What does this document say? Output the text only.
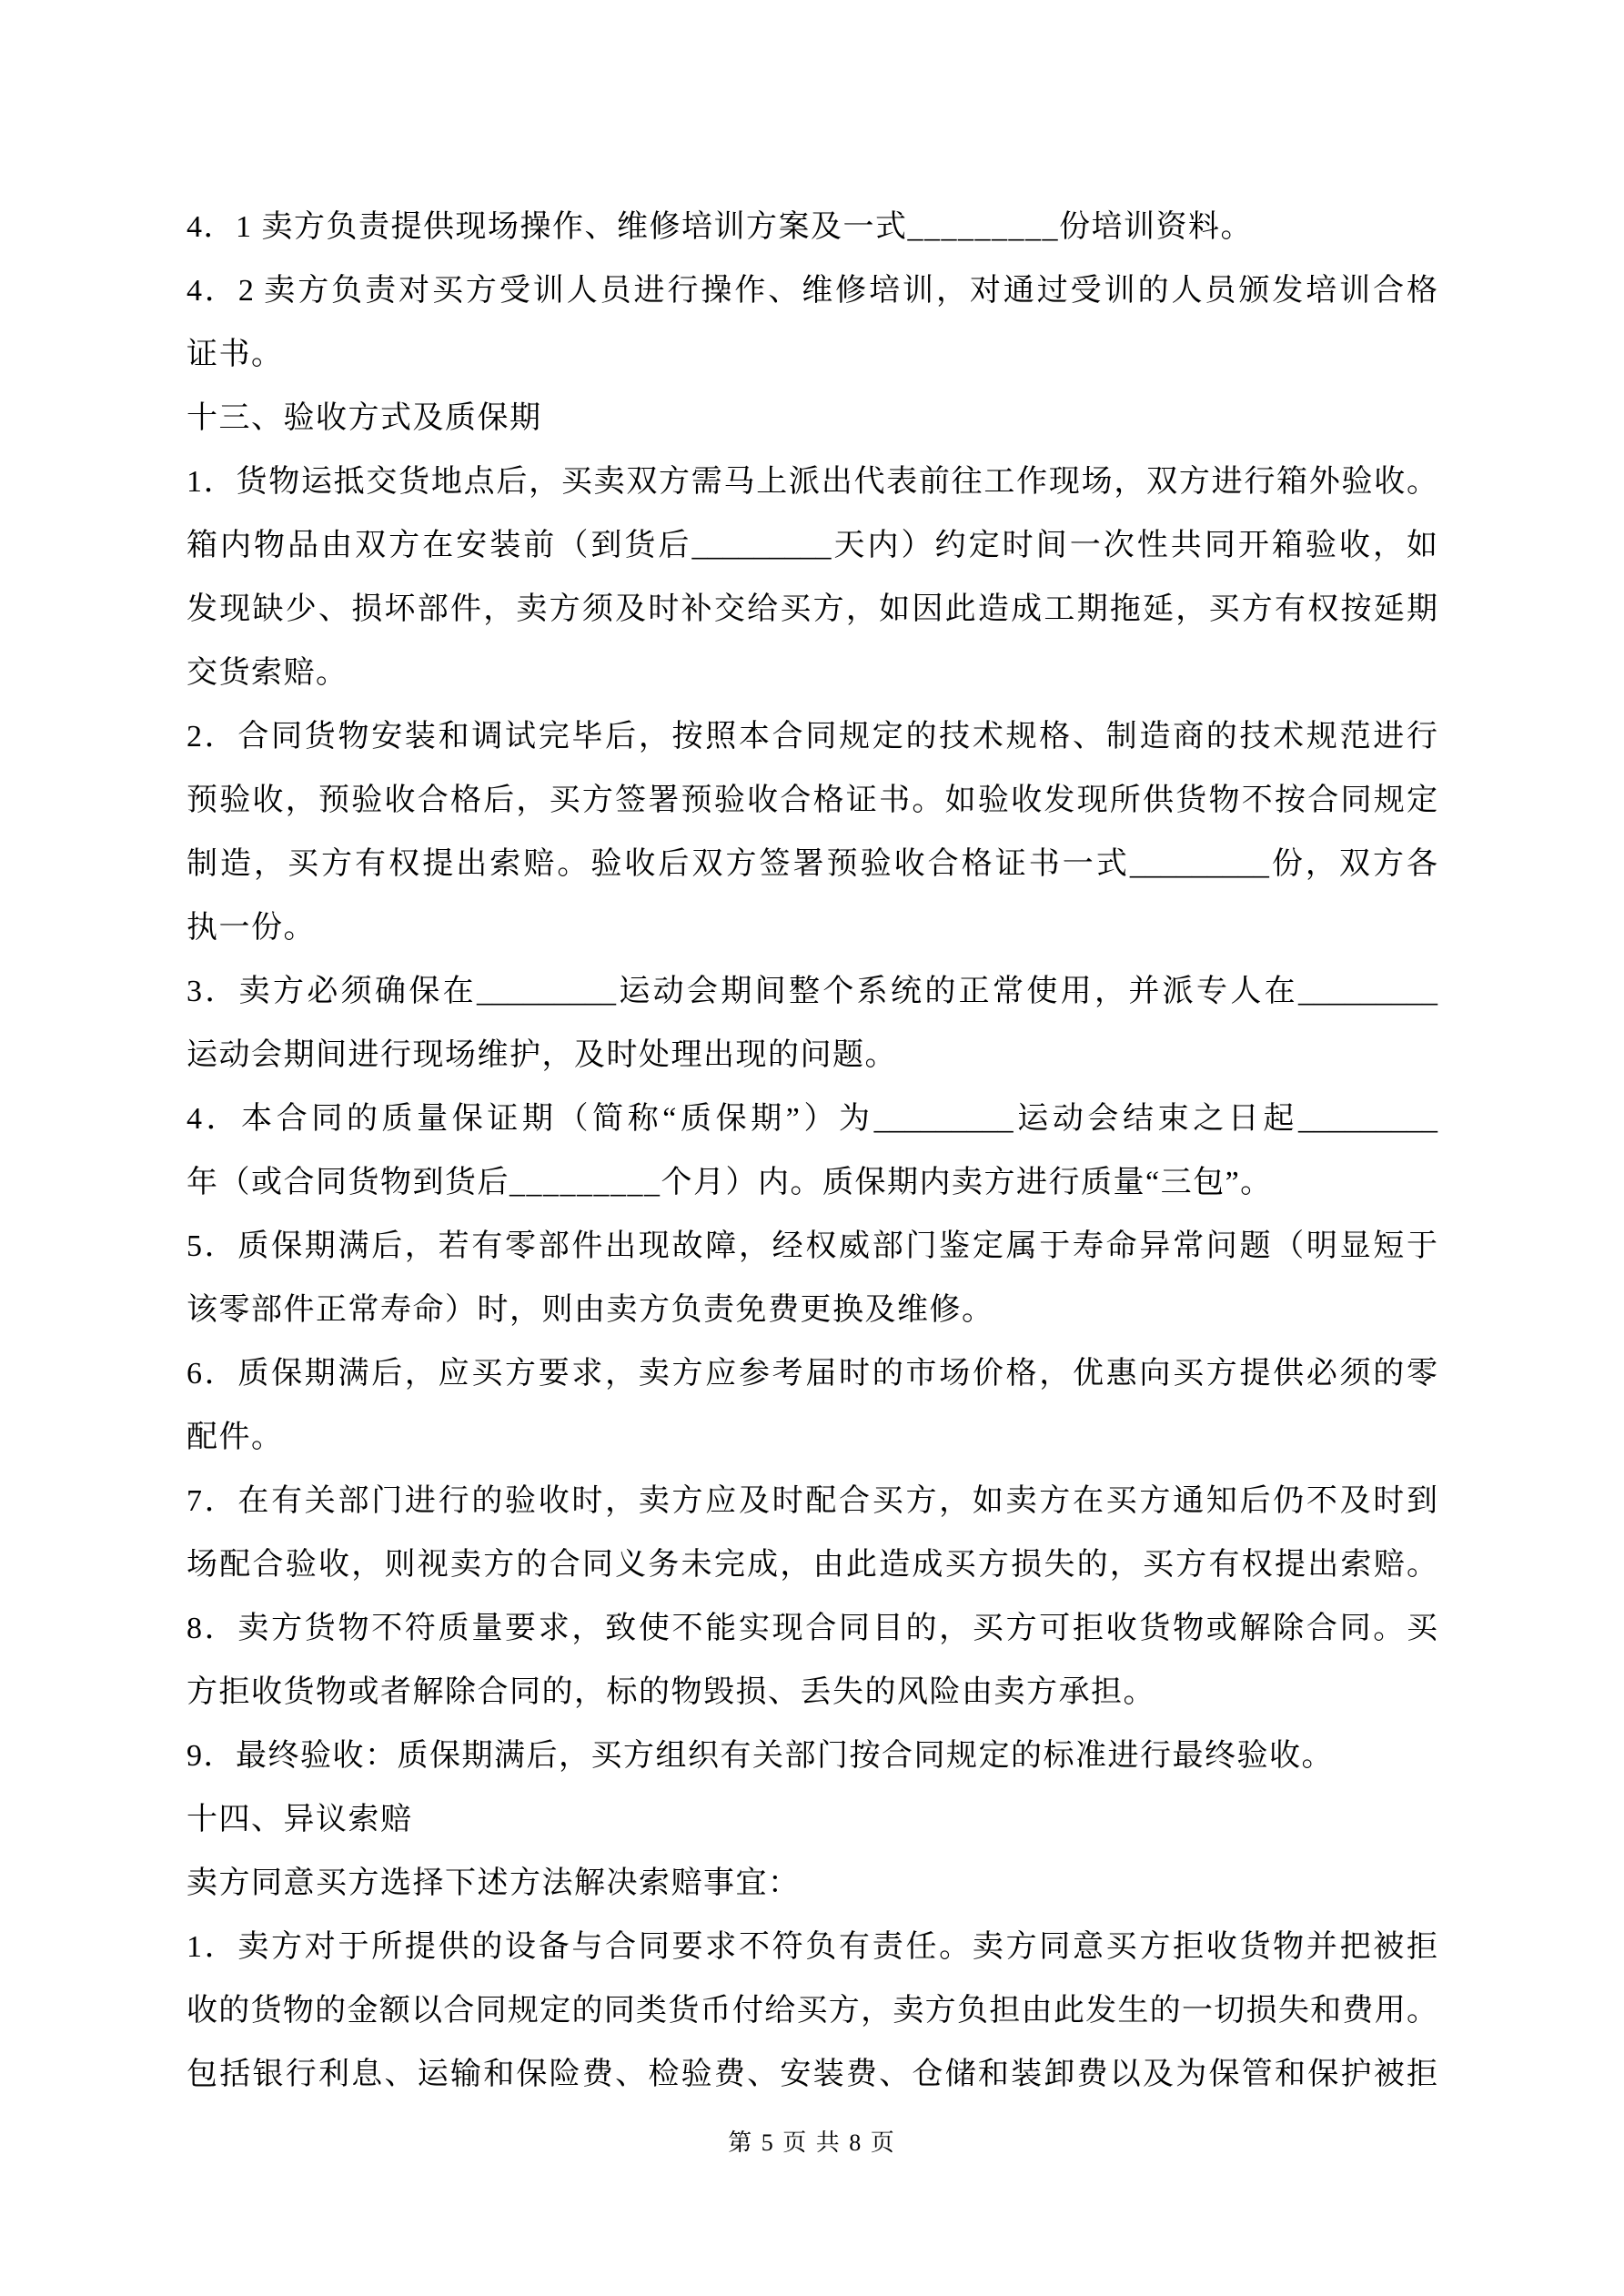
4．1 卖方负责提供现场操作、维修培训方案及一式_________份培训资料。
4．2 卖方负责对买方受训人员进行操作、维修培训，对通过受训的人员颁发培训合格
证书。
十三、验收方式及质保期
1．货物运抵交货地点后，买卖双方需马上派出代表前往工作现场，双方进行箱外验收。
箱内物品由双方在安装前（到货后_________天内）约定时间一次性共同开箱验收，如
发现缺少、损坏部件，卖方须及时补交给买方，如因此造成工期拖延，买方有权按延期
交货索赔。
2．合同货物安装和调试完毕后，按照本合同规定的技术规格、制造商的技术规范进行
预验收，预验收合格后，买方签署预验收合格证书。如验收发现所供货物不按合同规定
制造，买方有权提出索赔。验收后双方签署预验收合格证书一式_________份，双方各
执一份。
3．卖方必须确保在_________运动会期间整个系统的正常使用，并派专人在_________
运动会期间进行现场维护，及时处理出现的问题。
4．本合同的质量保证期（简称“质保期”）为_________运动会结束之日起_________
年（或合同货物到货后_________个月）内。质保期内卖方进行质量“三包”。
5．质保期满后，若有零部件出现故障，经权威部门鉴定属于寿命异常问题（明显短于
该零部件正常寿命）时，则由卖方负责免费更换及维修。
6．质保期满后，应买方要求，卖方应参考届时的市场价格，优惠向买方提供必须的零
配件。
7．在有关部门进行的验收时，卖方应及时配合买方，如卖方在买方通知后仍不及时到
场配合验收，则视卖方的合同义务未完成，由此造成买方损失的，买方有权提出索赔。
8．卖方货物不符质量要求，致使不能实现合同目的，买方可拒收货物或解除合同。买
方拒收货物或者解除合同的，标的物毁损、丢失的风险由卖方承担。
9．最终验收：质保期满后，买方组织有关部门按合同规定的标准进行最终验收。
十四、异议索赔
卖方同意买方选择下述方法解决索赔事宜：
1．卖方对于所提供的设备与合同要求不符负有责任。卖方同意买方拒收货物并把被拒
收的货物的金额以合同规定的同类货币付给买方，卖方负担由此发生的一切损失和费用。
包括银行利息、运输和保险费、检验费、安装费、仓储和装卸费以及为保管和保护被拒
第 5 页 共 8 页
